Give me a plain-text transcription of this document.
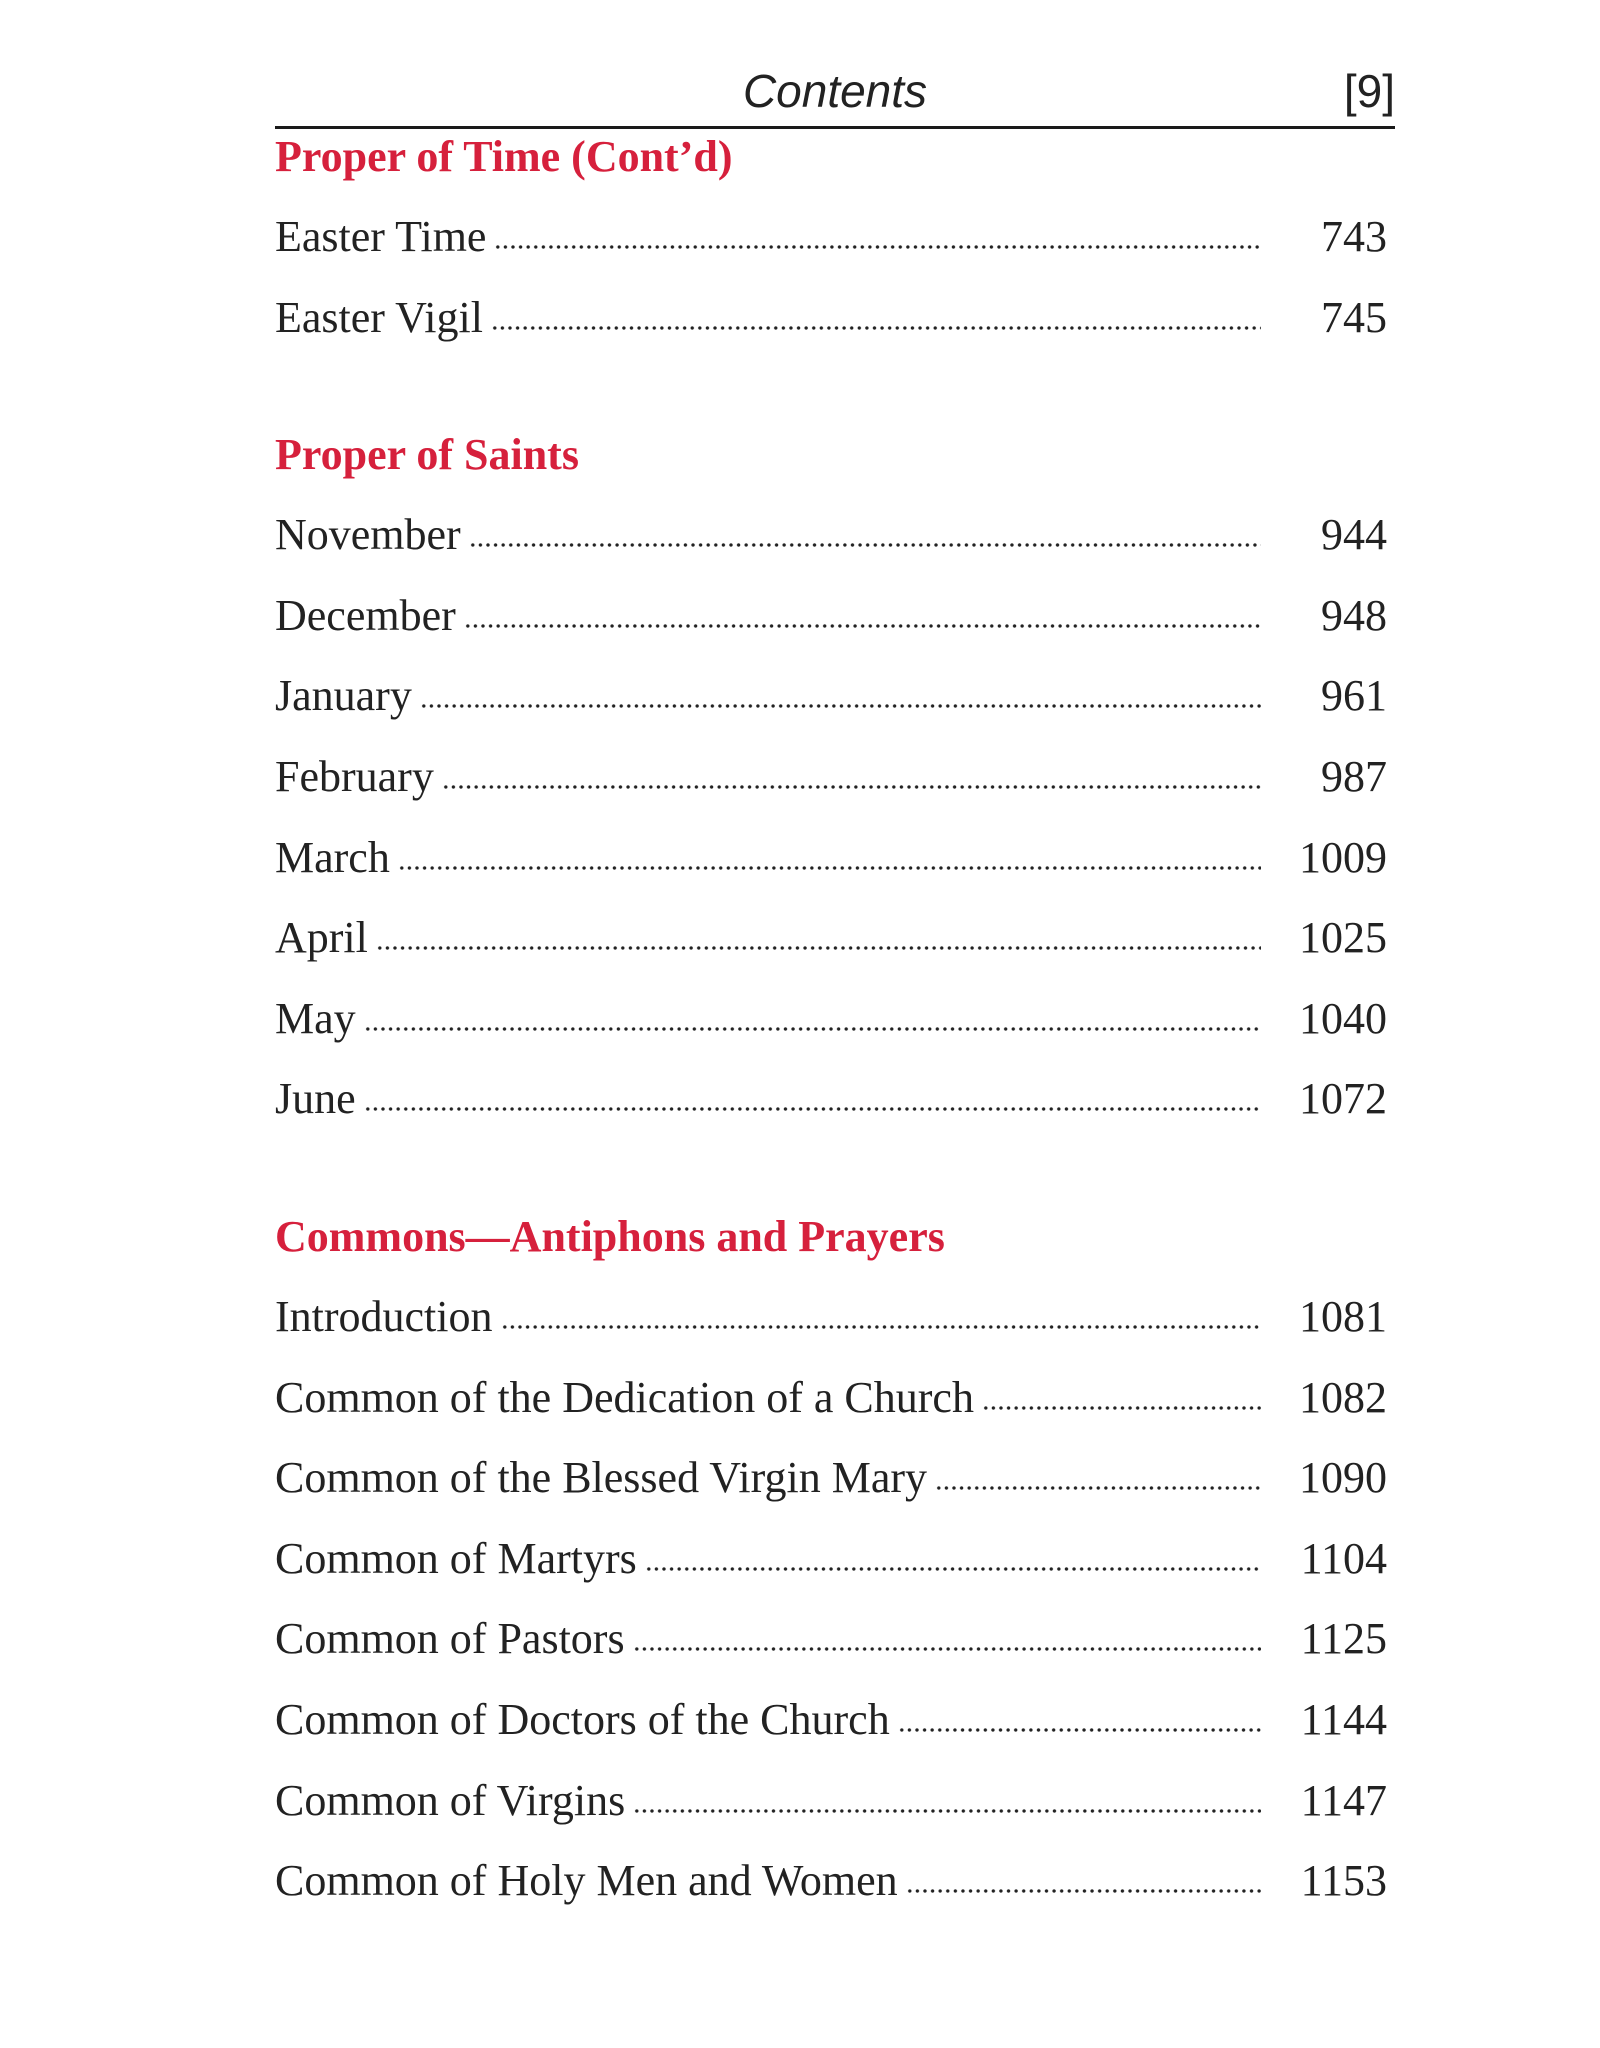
Contents	[9]
Proper of Time (Cont’d)
Easter Time	743
Easter Vigil	745
Proper of Saints
November	944
December	948
January	961
February	987
March	1009
April	1025
May	1040
June	1072
Commons—Antiphons and Prayers
Introduction	1081
Common of the Dedication of a Church	1082
Common of the Blessed Virgin Mary	1090
Common of Martyrs	1104
Common of Pastors	1125
Common of Doctors of the Church	1144
Common of Virgins	1147
Common of Holy Men and Women	1153
